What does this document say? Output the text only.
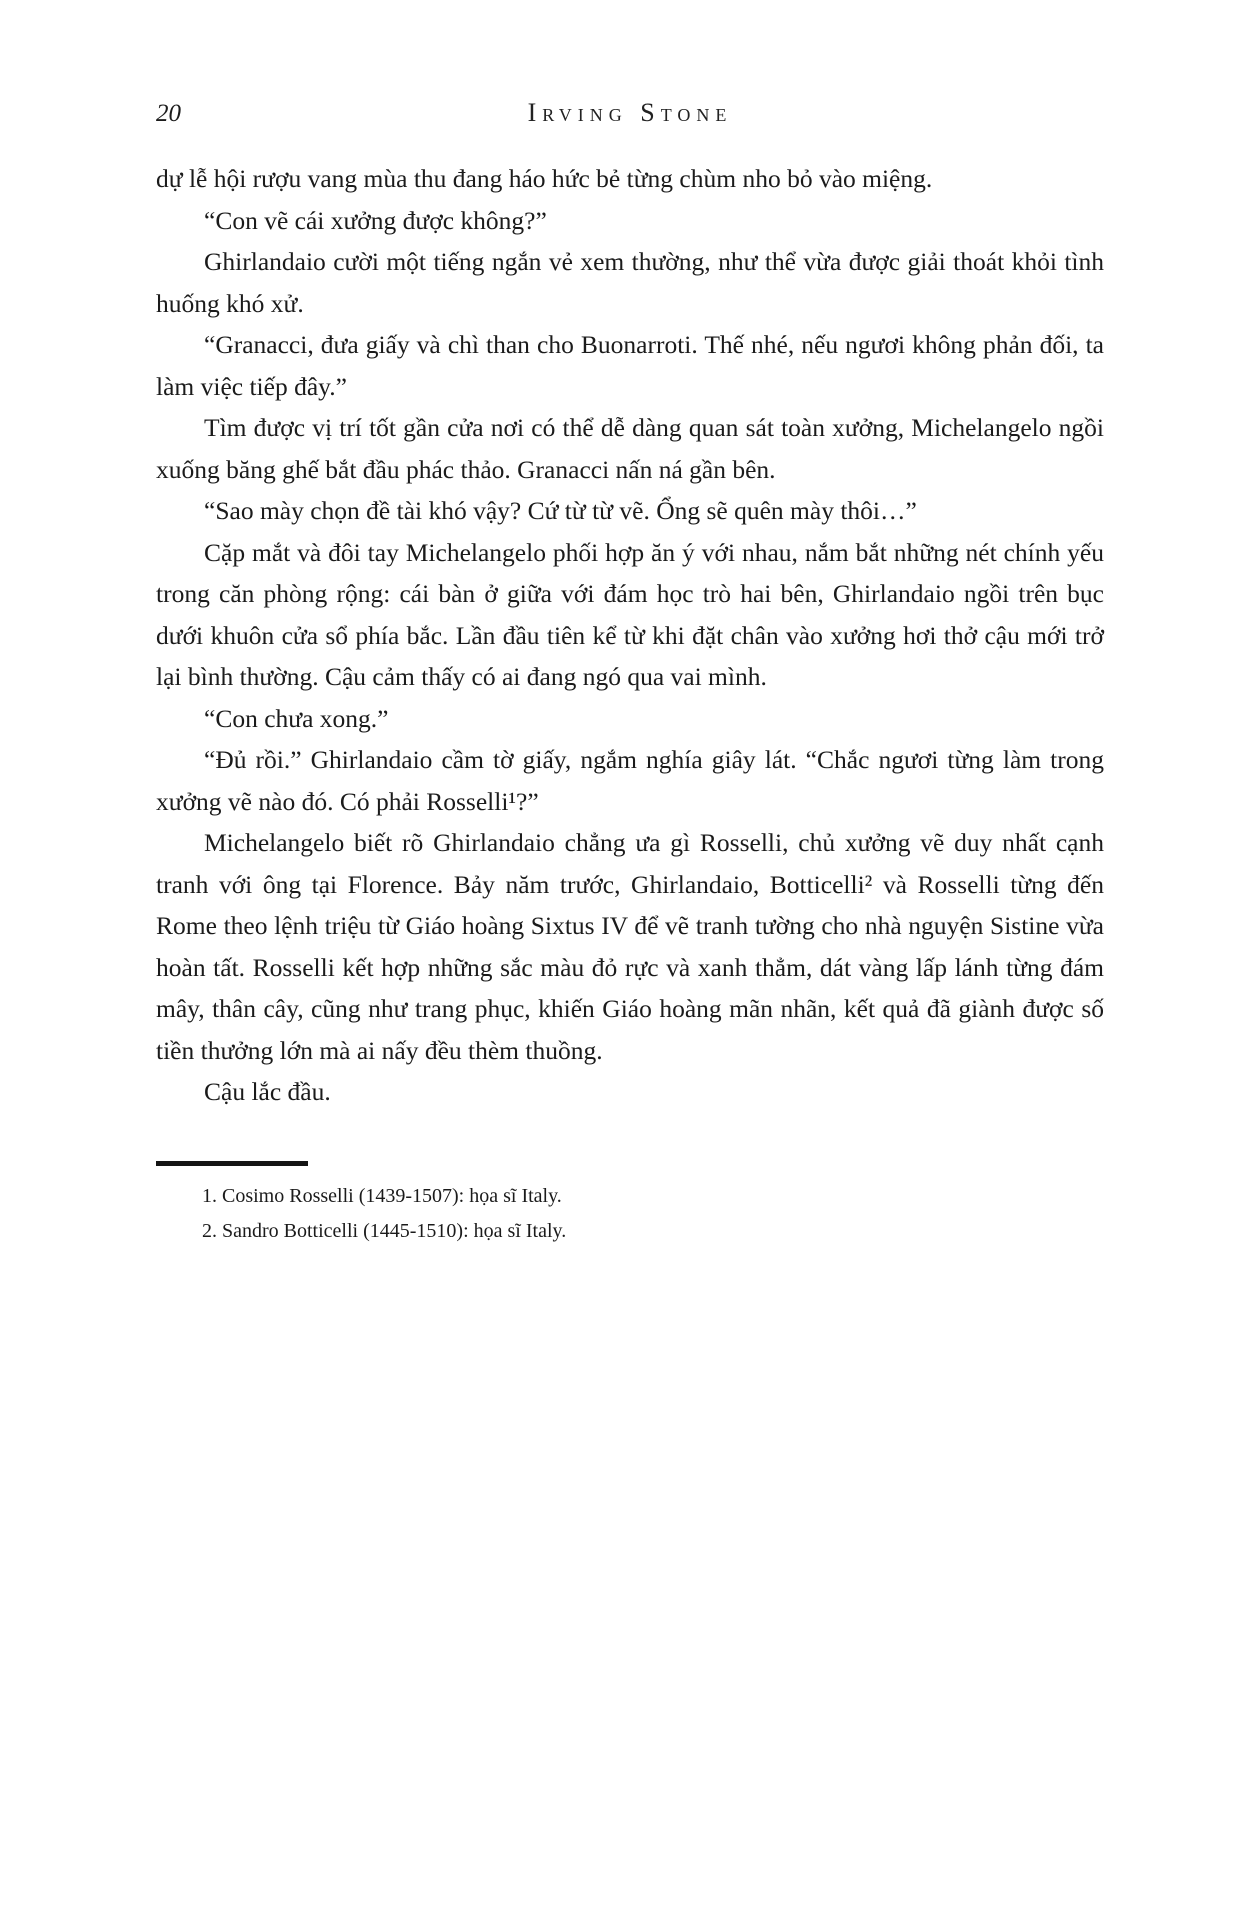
20	Irving Stone

dự lễ hội rượu vang mùa thu đang háo hức bẻ từng chùm nho bỏ vào miệng.

“Con vẽ cái xưởng được không?”

Ghirlandaio cười một tiếng ngắn vẻ xem thường, như thể vừa được giải thoát khỏi tình huống khó xử.

“Granacci, đưa giấy và chì than cho Buonarroti. Thế nhé, nếu ngươi không phản đối, ta làm việc tiếp đây.”

Tìm được vị trí tốt gần cửa nơi có thể dễ dàng quan sát toàn xưởng, Michelangelo ngồi xuống băng ghế bắt đầu phác thảo. Granacci nấn ná gần bên.

“Sao mày chọn đề tài khó vậy? Cứ từ từ vẽ. Ổng sẽ quên mày thôi…”

Cặp mắt và đôi tay Michelangelo phối hợp ăn ý với nhau, nắm bắt những nét chính yếu trong căn phòng rộng: cái bàn ở giữa với đám học trò hai bên, Ghirlandaio ngồi trên bục dưới khuôn cửa sổ phía bắc. Lần đầu tiên kể từ khi đặt chân vào xưởng hơi thở cậu mới trở lại bình thường. Cậu cảm thấy có ai đang ngó qua vai mình.

“Con chưa xong.”

“Đủ rồi.” Ghirlandaio cầm tờ giấy, ngắm nghía giây lát. “Chắc ngươi từng làm trong xưởng vẽ nào đó. Có phải Rosselli¹?”

Michelangelo biết rõ Ghirlandaio chẳng ưa gì Rosselli, chủ xưởng vẽ duy nhất cạnh tranh với ông tại Florence. Bảy năm trước, Ghirlandaio, Botticelli² và Rosselli từng đến Rome theo lệnh triệu từ Giáo hoàng Sixtus IV để vẽ tranh tường cho nhà nguyện Sistine vừa hoàn tất. Rosselli kết hợp những sắc màu đỏ rực và xanh thẳm, dát vàng lấp lánh từng đám mây, thân cây, cũng như trang phục, khiến Giáo hoàng mãn nhãn, kết quả đã giành được số tiền thưởng lớn mà ai nấy đều thèm thuồng.

Cậu lắc đầu.

1. Cosimo Rosselli (1439-1507): họa sĩ Italy.

2. Sandro Botticelli (1445-1510): họa sĩ Italy.
